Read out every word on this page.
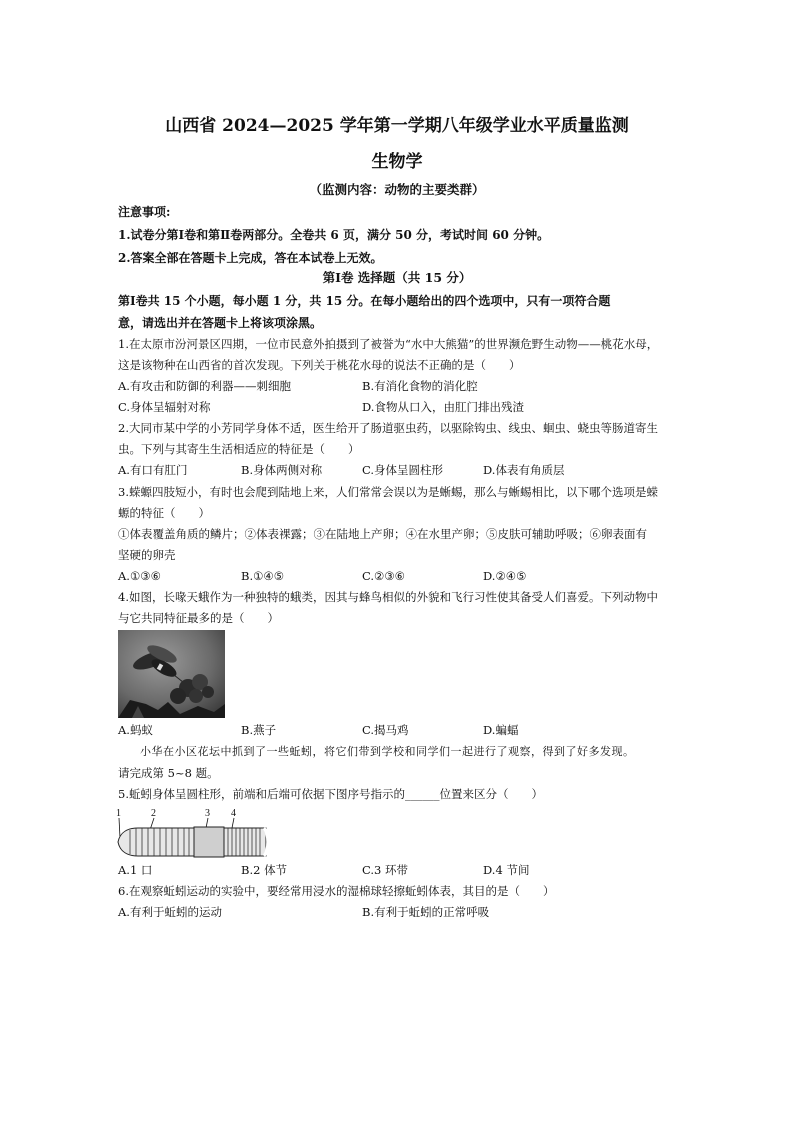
山西省 2024—2025 学年第一学期八年级学业水平质量监测
生物学
（监测内容：动物的主要类群）
注意事项:
1.试卷分第Ⅰ卷和第Ⅱ卷两部分。全卷共 6 页，满分 50 分，考试时间 60 分钟。
2.答案全部在答题卡上完成，答在本试卷上无效。
第Ⅰ卷 选择题（共 15 分）
第Ⅰ卷共 15 个小题，每小题 1 分，共 15 分。在每小题给出的四个选项中，只有一项符合题
意，请选出并在答题卡上将该项涂黑。
1.在太原市汾河景区四期，一位市民意外拍摄到了被誉为“水中大熊猫”的世界濒危野生动物——桃花水母，
这是该物种在山西省的首次发现。下列关于桃花水母的说法不正确的是（　　）
A.有攻击和防御的利器——刺细胞	B.有消化食物的消化腔
C.身体呈辐射对称	D.食物从口入，由肛门排出残渣
2.大同市某中学的小芳同学身体不适，医生给开了肠道驱虫药，以驱除钩虫、线虫、蛔虫、蛲虫等肠道寄生
虫。下列与其寄生生活相适应的特征是（　　）
A.有口有肛门	B.身体两侧对称	C.身体呈圆柱形	D.体表有角质层
3.蝾螈四肢短小，有时也会爬到陆地上来，人们常常会误以为是蜥蜴，那么与蜥蜴相比，以下哪个选项是蝾
螈的特征（　　）
①体表覆盖角质的鳞片；②体表裸露；③在陆地上产卵；④在水里产卵；⑤皮肤可辅助呼吸；⑥卵表面有
坚硬的卵壳
A.①③⑥	B.①④⑤	C.②③⑥	D.②④⑤
4.如图，长喙天蛾作为一种独特的蛾类，因其与蜂鸟相似的外貌和飞行习性使其备受人们喜爱。下列动物中
与它共同特征最多的是（　　）
A.蚂蚁	B.燕子	C.揭马鸡	D.蝙蝠
小华在小区花坛中抓到了一些蚯蚓，将它们带到学校和同学们一起进行了观察，得到了好多发现。
请完成第 5~8 题。
5.蚯蚓身体呈圆柱形，前端和后端可依据下图序号指示的______位置来区分（　　）
1	2	3 4
A.1 口	B.2 体节	C.3 环带	D.4 节间
6.在观察蚯蚓运动的实验中，要经常用浸水的湿棉球轻擦蚯蚓体表，其目的是（　　）
A.有利于蚯蚓的运动	B.有利于蚯蚓的正常呼吸
